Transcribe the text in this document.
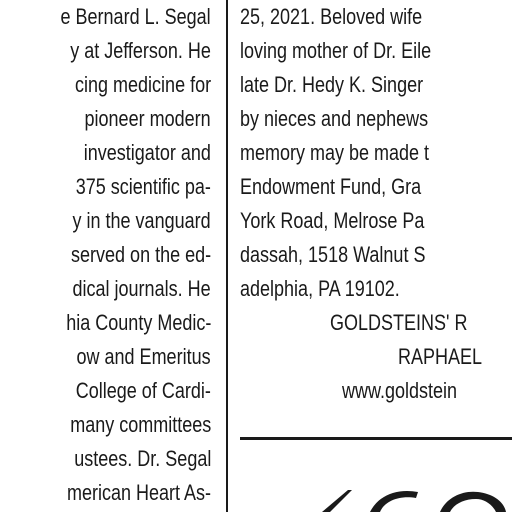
e Bernard L. Segal
y at Jefferson. He
cing medicine for
pioneer modern
investigator and
375 scientific pa-
y in the vanguard
served on the ed-
dical journals. He
hia County Medic-
ow and Emeritus
College of Cardi-
many committees
ustees. Dr. Segal
merican Heart As-
25, 2021. Beloved wife
loving mother of Dr. Eile
late Dr. Hedy K. Singer
by nieces and nephews
memory may be made t
Endowment Fund, Gra
York Road, Melrose Pa
dassah, 1518 Walnut S
adelphia, PA 19102.
GOLDSTEINS' R
RAPHAEL
www.goldstein
